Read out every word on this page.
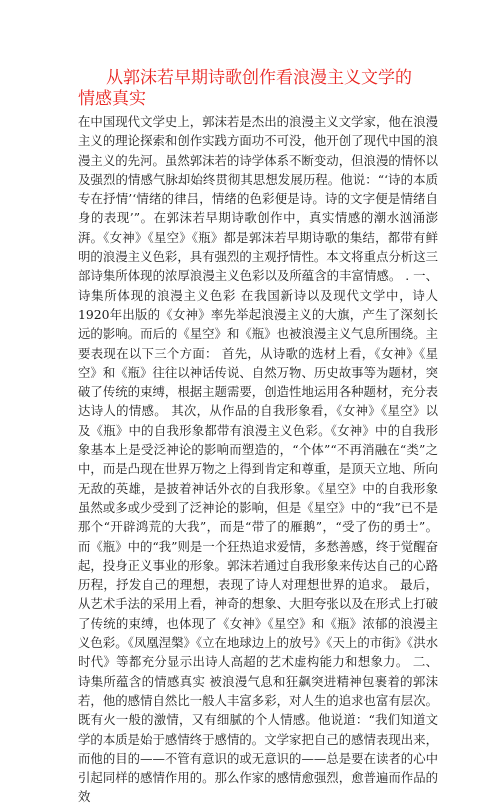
从郭沫若早期诗歌创作看浪漫主义文学的
情感真实

在中国现代文学史上，郭沫若是杰出的浪漫主义文学家，他在浪漫主义的理论探索和创作实践方面功不可没，他开创了现代中国的浪漫主义的先河。虽然郭沫若的诗学体系不断变动，但浪漫的情怀以及强烈的情感气脉却始终贯彻其思想发展历程。他说：“‘诗的本质专在抒情’‘情绪的律吕，情绪的色彩便是诗。诗的文字便是情绪自身的表现’”。在郭沫若早期诗歌创作中，真实情感的潮水汹涌澎湃。《女神》《星空》《瓶》都是郭沫若早期诗歌的集结，都带有鲜明的浪漫主义色彩，具有强烈的主观抒情性。本文将重点分析这三部诗集所体现的浓厚浪漫主义色彩以及所蕴含的丰富情感。 . 一、诗集所体现的浪漫主义色彩 在我国新诗以及现代文学中，诗人1920年出版的《女神》率先举起浪漫主义的大旗，产生了深刻长远的影响。而后的《星空》和《瓶》也被浪漫主义气息所围绕。主要表现在以下三个方面： 首先，从诗歌的选材上看，《女神》《星空》和《瓶》往往以神话传说、自然万物、历史故事等为题材，突破了传统的束缚，根据主题需要，创造性地运用各种题材，充分表达诗人的情感。 其次，从作品的自我形象看，《女神》《星空》以及《瓶》中的自我形象都带有浪漫主义色彩。《女神》中的自我形象基本上是受泛神论的影响而塑造的，“个体”“不再消融在“类”之中，而是凸现在世界万物之上得到肯定和尊重，是顶天立地、所向无敌的英雄，是披着神话外衣的自我形象。《星空》中的自我形象虽然或多或少受到了泛神论的影响，但是《星空》中的“我”已不是那个“开辟鸿荒的大我”，而是“带了的雁鹅”，“受了伤的勇士”。而《瓶》中的“我”则是一个狂热追求爱情，多愁善感，终于觉醒奋起，投身正义事业的形象。郭沫若通过自我形象来传达自己的心路历程，抒发自己的理想，表现了诗人对理想世界的追求。 最后，从艺术手法的采用上看，神奇的想象、大胆夸张以及在形式上打破了传统的束缚，也体现了《女神》《星空》和《瓶》浓郁的浪漫主义色彩。《凤凰涅槃》《立在地球边上的放号》《天上的市街》《洪水时代》等都充分显示出诗人高超的艺术虚构能力和想象力。 二、诗集所蕴含的情感真实 被浪漫气息和狂飙突进精神包裹着的郭沫若，他的感情自然比一般人丰富多彩，对人生的追求也富有层次。既有火一般的激情，又有细腻的个人情感。他说道：“我们知道文学的本质是始于感情终于感情的。文学家把自己的感情表现出来，而他的目的——不管有意识的或无意识的——总是要在读者的心中引起同样的感情作用的。那么作家的感情愈强烈，愈普遍而作品的效
